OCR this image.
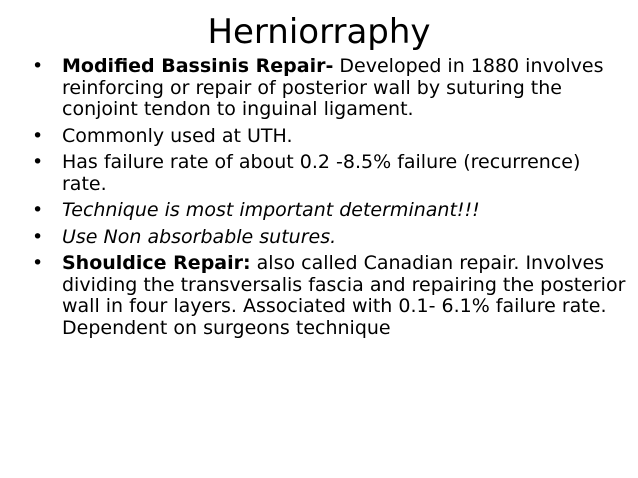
Herniorraphy
• Modified Bassinis Repair- Developed in 1880 involves reinforcing or repair of posterior wall by suturing the conjoint tendon to inguinal ligament.
• Commonly used at UTH.
• Has failure rate of about 0.2 -8.5% failure (recurrence) rate.
• Technique is most important determinant!!!
• Use Non absorbable sutures.
• Shouldice Repair: also called Canadian repair. Involves dividing the transversalis fascia and repairing the posterior wall in four layers. Associated with 0.1- 6.1% failure rate. Dependent on surgeons technique
